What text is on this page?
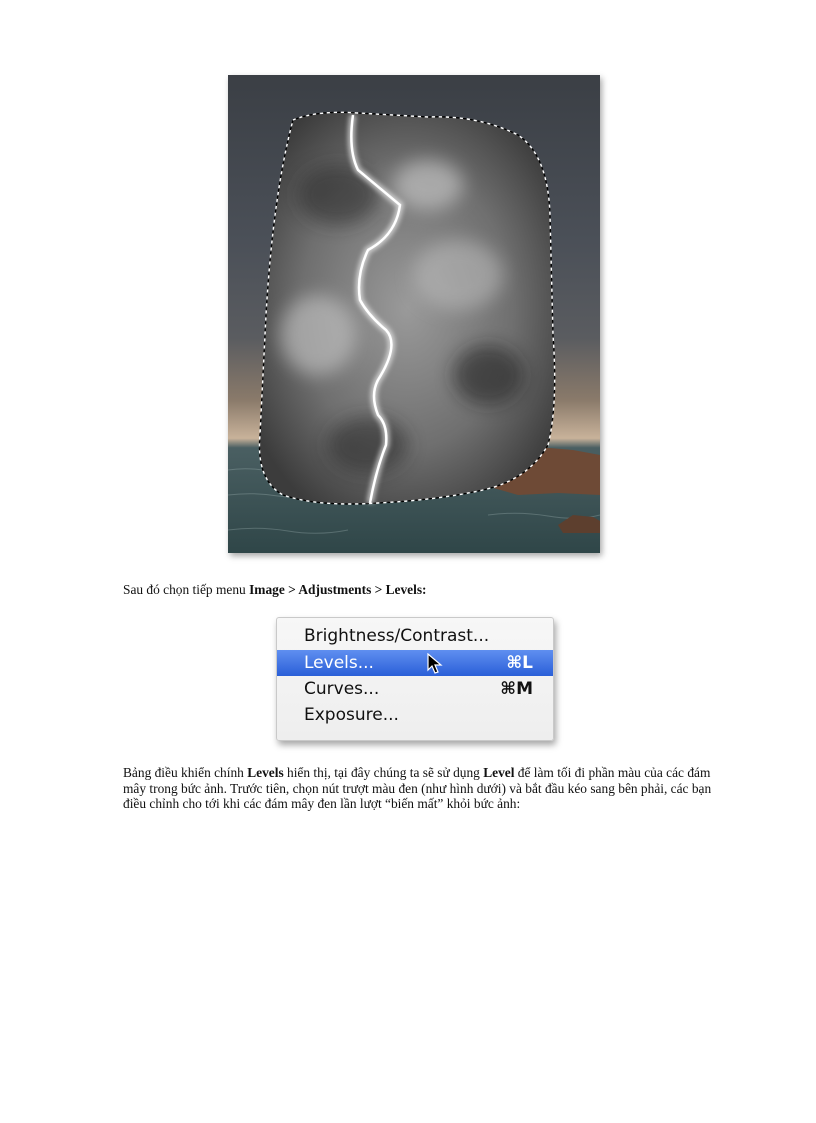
Sau đó chọn tiếp menu Image > Adjustments > Levels:

Brightness/Contrast...
Levels...	⌘L
Curves...	⌘M
Exposure...

Bảng điều khiển chính Levels hiển thị, tại đây chúng ta sẽ sử dụng Level để làm tối đi phần màu của các đám mây trong bức ảnh. Trước tiên, chọn nút trượt màu đen (như hình dưới) và bắt đầu kéo sang bên phải, các bạn điều chỉnh cho tới khi các đám mây đen lần lượt “biến mất” khỏi bức ảnh:
